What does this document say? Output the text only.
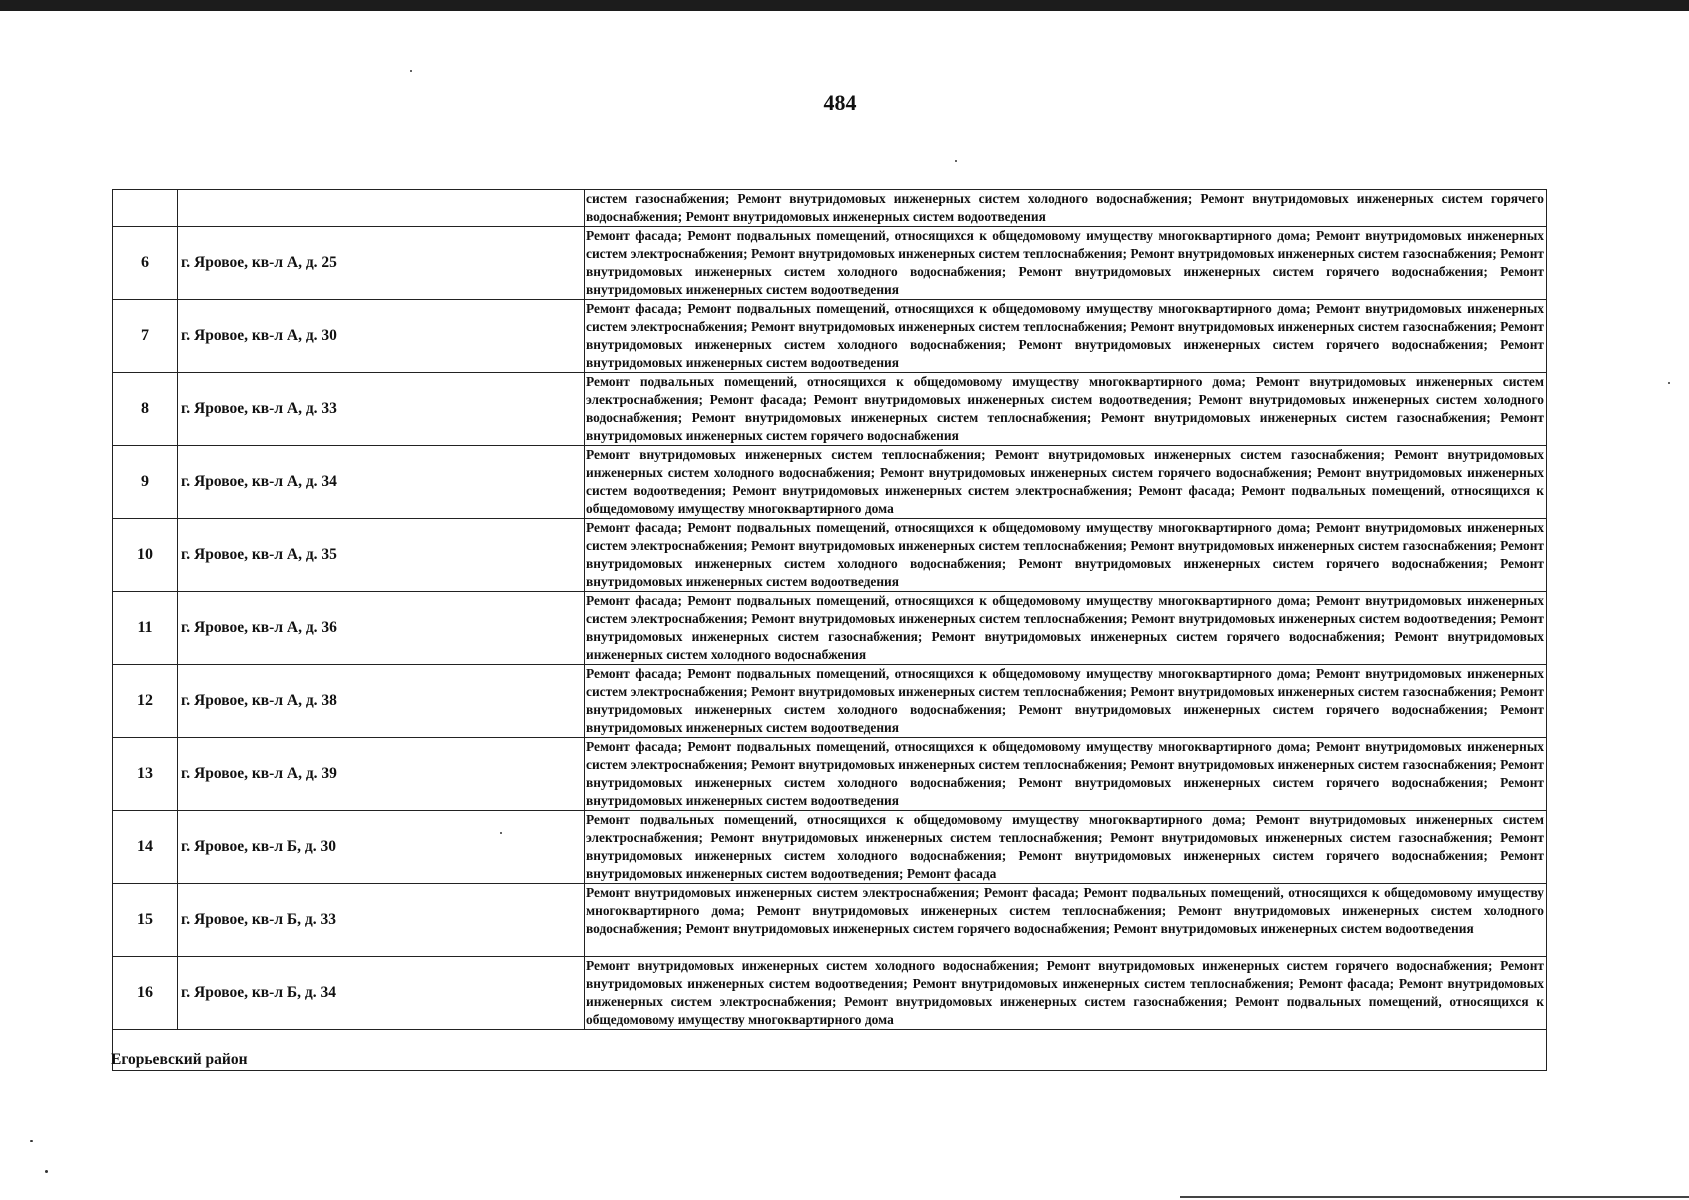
484
		систем газоснабжения; Ремонт внутридомовых инженерных систем холодного водоснабжения; Ремонт внутридомовых инженерных систем горячего водоснабжения; Ремонт внутридомовых инженерных систем водоотведения
6	г. Яровое, кв-л А, д. 25	Ремонт фасада; Ремонт подвальных помещений, относящихся к общедомовому имуществу многоквартирного дома; Ремонт внутридомовых инженерных систем электроснабжения; Ремонт внутридомовых инженерных систем теплоснабжения; Ремонт внутридомовых инженерных систем газоснабжения; Ремонт внутридомовых инженерных систем холодного водоснабжения; Ремонт внутридомовых инженерных систем горячего водоснабжения; Ремонт внутридомовых инженерных систем водоотведения
7	г. Яровое, кв-л А, д. 30	Ремонт фасада; Ремонт подвальных помещений, относящихся к общедомовому имуществу многоквартирного дома; Ремонт внутридомовых инженерных систем электроснабжения; Ремонт внутридомовых инженерных систем теплоснабжения; Ремонт внутридомовых инженерных систем газоснабжения; Ремонт внутридомовых инженерных систем холодного водоснабжения; Ремонт внутридомовых инженерных систем горячего водоснабжения; Ремонт внутридомовых инженерных систем водоотведения
8	г. Яровое, кв-л А, д. 33	Ремонт подвальных помещений, относящихся к общедомовому имуществу многоквартирного дома; Ремонт внутридомовых инженерных систем электроснабжения; Ремонт фасада; Ремонт внутридомовых инженерных систем водоотведения; Ремонт внутридомовых инженерных систем холодного водоснабжения; Ремонт внутридомовых инженерных систем теплоснабжения; Ремонт внутридомовых инженерных систем газоснабжения; Ремонт внутридомовых инженерных систем горячего водоснабжения
9	г. Яровое, кв-л А, д. 34	Ремонт внутридомовых инженерных систем теплоснабжения; Ремонт внутридомовых инженерных систем газоснабжения; Ремонт внутридомовых инженерных систем холодного водоснабжения; Ремонт внутридомовых инженерных систем горячего водоснабжения; Ремонт внутридомовых инженерных систем водоотведения; Ремонт внутридомовых инженерных систем электроснабжения; Ремонт фасада; Ремонт подвальных помещений, относящихся к общедомовому имуществу многоквартирного дома
10	г. Яровое, кв-л А, д. 35	Ремонт фасада; Ремонт подвальных помещений, относящихся к общедомовому имуществу многоквартирного дома; Ремонт внутридомовых инженерных систем электроснабжения; Ремонт внутридомовых инженерных систем теплоснабжения; Ремонт внутридомовых инженерных систем газоснабжения; Ремонт внутридомовых инженерных систем холодного водоснабжения; Ремонт внутридомовых инженерных систем горячего водоснабжения; Ремонт внутридомовых инженерных систем водоотведения
11	г. Яровое, кв-л А, д. 36	Ремонт фасада; Ремонт подвальных помещений, относящихся к общедомовому имуществу многоквартирного дома; Ремонт внутридомовых инженерных систем электроснабжения; Ремонт внутридомовых инженерных систем теплоснабжения; Ремонт внутридомовых инженерных систем водоотведения; Ремонт внутридомовых инженерных систем газоснабжения; Ремонт внутридомовых инженерных систем горячего водоснабжения; Ремонт внутридомовых инженерных систем холодного водоснабжения
12	г. Яровое, кв-л А, д. 38	Ремонт фасада; Ремонт подвальных помещений, относящихся к общедомовому имуществу многоквартирного дома; Ремонт внутридомовых инженерных систем электроснабжения; Ремонт внутридомовых инженерных систем теплоснабжения; Ремонт внутридомовых инженерных систем газоснабжения; Ремонт внутридомовых инженерных систем холодного водоснабжения; Ремонт внутридомовых инженерных систем горячего водоснабжения; Ремонт внутридомовых инженерных систем водоотведения
13	г. Яровое, кв-л А, д. 39	Ремонт фасада; Ремонт подвальных помещений, относящихся к общедомовому имуществу многоквартирного дома; Ремонт внутридомовых инженерных систем электроснабжения; Ремонт внутридомовых инженерных систем теплоснабжения; Ремонт внутридомовых инженерных систем газоснабжения; Ремонт внутридомовых инженерных систем холодного водоснабжения; Ремонт внутридомовых инженерных систем горячего водоснабжения; Ремонт внутридомовых инженерных систем водоотведения
14	г. Яровое, кв-л Б, д. 30	Ремонт подвальных помещений, относящихся к общедомовому имуществу многоквартирного дома; Ремонт внутридомовых инженерных систем электроснабжения; Ремонт внутридомовых инженерных систем теплоснабжения; Ремонт внутридомовых инженерных систем газоснабжения; Ремонт внутридомовых инженерных систем холодного водоснабжения; Ремонт внутридомовых инженерных систем горячего водоснабжения; Ремонт внутридомовых инженерных систем водоотведения; Ремонт фасада
15	г. Яровое, кв-л Б, д. 33	Ремонт внутридомовых инженерных систем электроснабжения; Ремонт фасада; Ремонт подвальных помещений, относящихся к общедомовому имуществу многоквартирного дома; Ремонт внутридомовых инженерных систем теплоснабжения; Ремонт внутридомовых инженерных систем холодного водоснабжения; Ремонт внутридомовых инженерных систем горячего водоснабжения; Ремонт внутридомовых инженерных систем водоотведения
16	г. Яровое, кв-л Б, д. 34	Ремонт внутридомовых инженерных систем холодного водоснабжения; Ремонт внутридомовых инженерных систем горячего водоснабжения; Ремонт внутридомовых инженерных систем водоотведения; Ремонт внутридомовых инженерных систем теплоснабжения; Ремонт фасада; Ремонт внутридомовых инженерных систем электроснабжения; Ремонт внутридомовых инженерных систем газоснабжения; Ремонт подвальных помещений, относящихся к общедомовому имуществу многоквартирного дома

Егорьевский район		
